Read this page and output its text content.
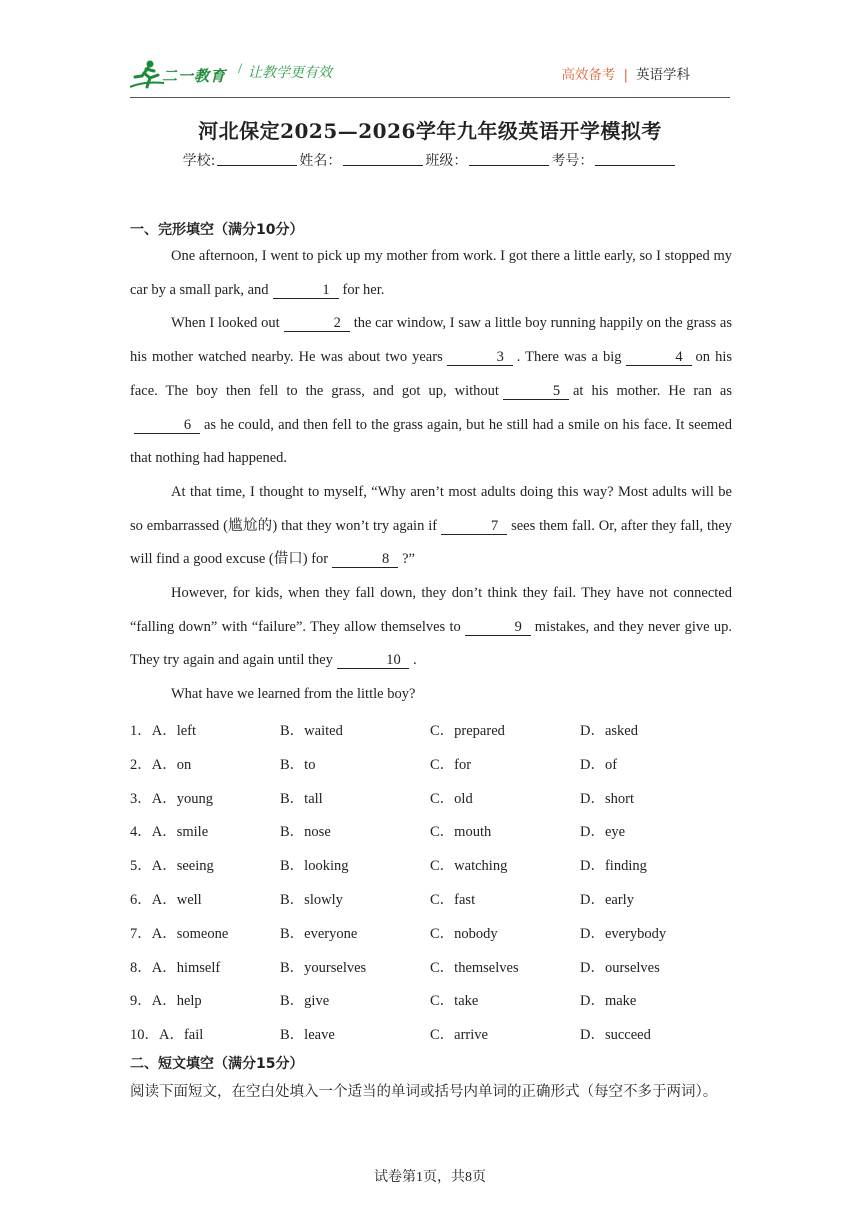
二一教育 / 让教学更有效	高效备考 | 英语学科
河北保定2025—2026学年九年级英语开学模拟考
学校:	姓名：	班级：	考号：
一、完形填空（满分10分）

One afternoon, I went to pick up my mother from work. I got there a little early, so I stopped my car by a small park, and	1 for her.

When I looked out	2 the car window, I saw a little boy running happily on the grass as his mother watched nearby. He was about two years	3 . There was a big	4 on his face. The boy then fell to the grass, and got up, without	5 at his mother. He ran as6 as he could, and then fell to the grass again, but he still had a smile on his face. It seemed that nothing had happened.

At that time, I thought to myself, “Why aren’t most adults doing this way? Most adults will be so embarrassed (尴尬的) that they won’t try again if	7 sees them fall. Or, after they fall, they will find a good excuse (借口) for	8 ?”

However, for kids, when they fall down, they don’t think they fail. They have not connected “falling down” with “failure”. They allow themselves to	9 mistakes, and they never give up. They try again and again until they	10 .

What have we learned from the little boy?

1．A．left	B．waited	C．prepared	D．asked
2．A．on	B．to	C．for	D．of
3．A．young	B．tall	C．old	D．short
4．A．smile	B．nose	C．mouth	D．eye
5．A．seeing	B．looking	C．watching	D．finding
6．A．well	B．slowly	C．fast	D．early
7．A．someone	B．everyone	C．nobody	D．everybody
8．A．himself	B．yourselves	C．themselves	D．ourselves
9．A．help	B．give	C．take	D．make
10．A．fail	B．leave	C．arrive	D．succeed
二、短文填空（满分15分）
阅读下面短文，在空白处填入一个适当的单词或括号内单词的正确形式（每空不多于两词）。
试卷第1页，共8页
